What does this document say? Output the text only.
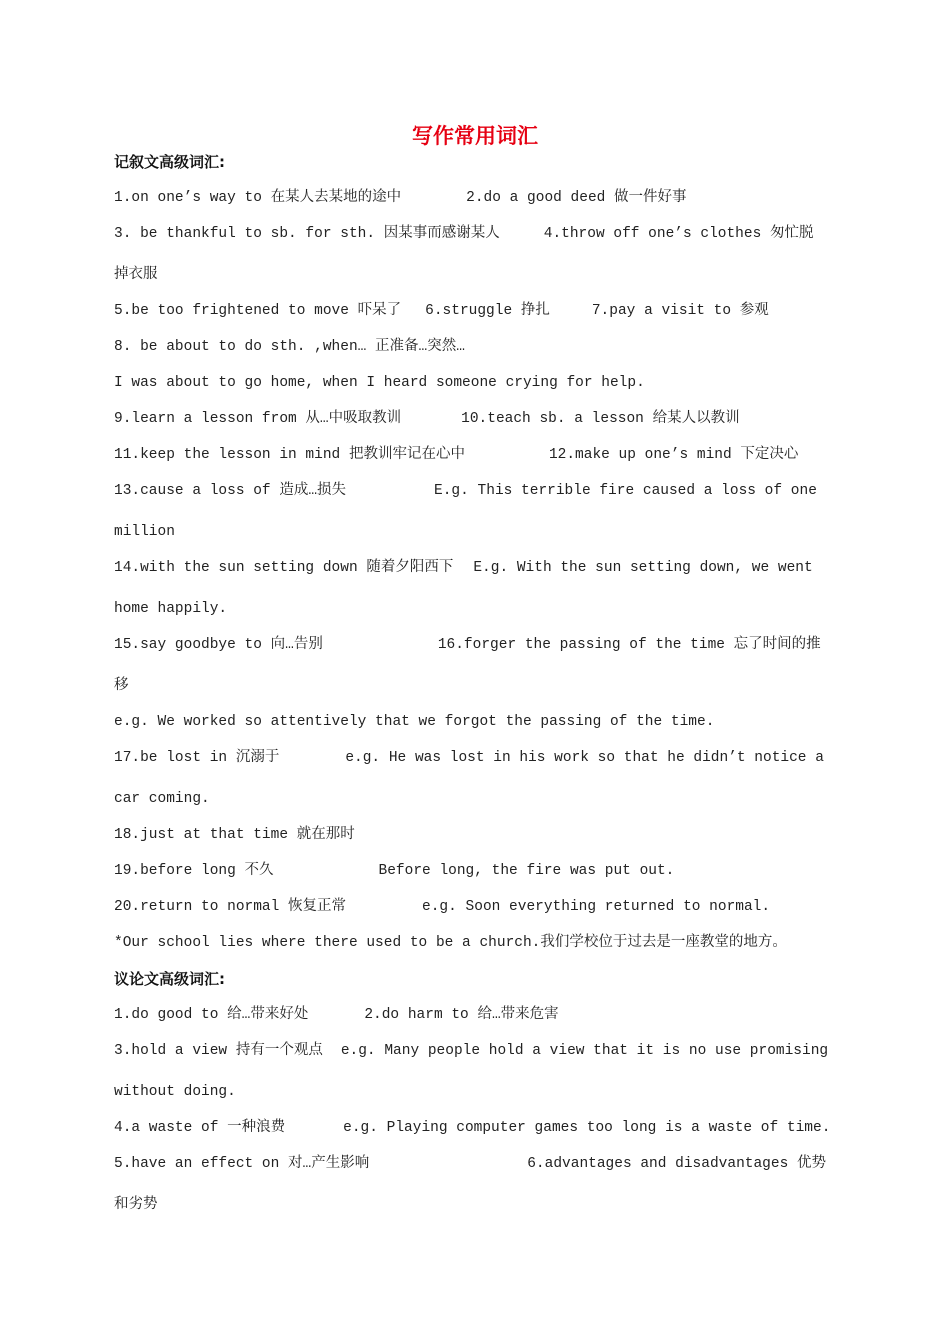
写作常用词汇
记叙文高级词汇:
1.on one’s way to 在某人去某地的途中	2.do a good deed 做一件好事
3. be thankful to sb. for sth. 因某事而感谢某人	4.throw off one’s clothes 匆忙脱
掉衣服
5.be too frightened to move 吓呆了 6.struggle 挣扎	7.pay a visit to 参观
8. be about to do sth. ,when… 正准备…突然…
I was about to go home, when I heard someone crying for help.
9.learn a lesson from 从…中吸取教训	10.teach sb. a lesson 给某人以教训
11.keep the lesson in mind 把教训牢记在心中	12.make up one’s mind 下定决心
13.cause a loss of 造成…损失	E.g. This terrible fire caused a loss of one
million
14.with the sun setting down 随着夕阳西下 E.g. With the sun setting down, we went
home happily.
15.say goodbye to 向…告别	16.forger the passing of the time 忘了时间的推
移
e.g. We worked so attentively that we forgot the passing of the time.
17.be lost in 沉溺于	e.g. He was lost in his work so that he didn’t notice a
car coming.
18.just at that time 就在那时
19.before long 不久	Before long, the fire was put out.
20.return to normal 恢复正常	e.g. Soon everything returned to normal.
*Our school lies where there used to be a church.我们学校位于过去是一座教堂的地方。
议论文高级词汇:
1.do good to 给…带来好处	2.do harm to 给…带来危害
3.hold a view 持有一个观点 e.g. Many people hold a view that it is no use promising
without doing.
4.a waste of 一种浪费	e.g. Playing computer games too long is a waste of time.
5.have an effect on 对…产生影响	6.advantages and disadvantages 优势
和劣势
